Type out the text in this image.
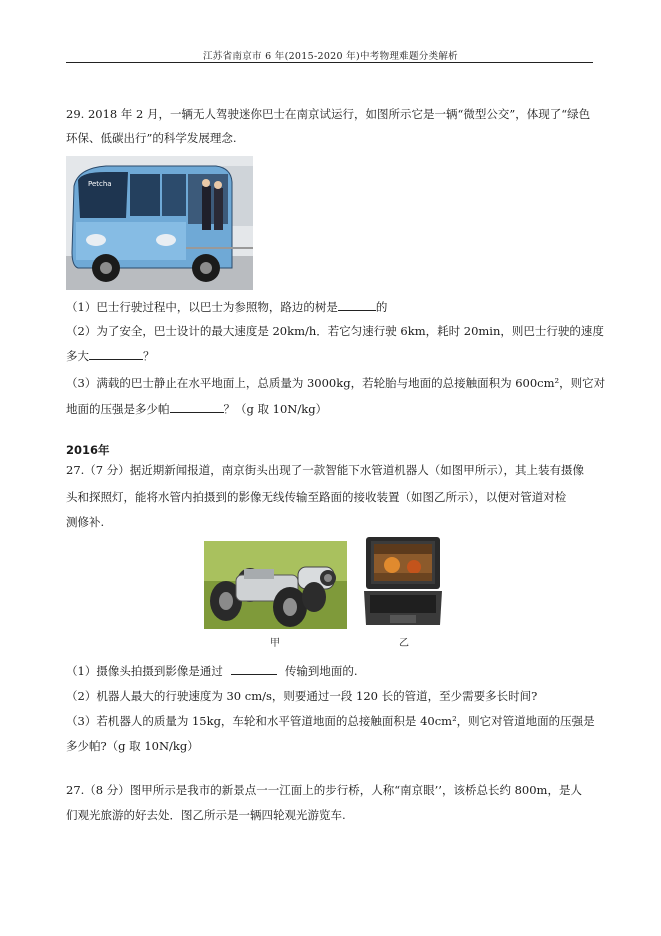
江苏省南京市 6 年(2015-2020 年)中考物理难题分类解析
29. 2018 年 2 月，一辆无人驾驶迷你巴士在南京试运行，如图所示它是一辆“微型公交”，体现了“绿色
环保、低碳出行”的科学发展理念.
Petcha
（1）巴士行驶过程中，以巴士为参照物，路边的树是	的
（2）为了安全，巴士设计的最大速度是 20km/h．若它匀速行驶 6km，耗时 20min，则巴士行驶的速度
多大	？
（3）满载的巴士静止在水平地面上，总质量为 3000kg，若轮胎与地面的总接触面积为 600cm²，则它对
地面的压强是多少帕	？（g 取 10N/kg）
2016年
27.（7 分）据近期新闻报道，南京街头出现了一款智能下水管道机器人（如图甲所示），其上装有摄像
头和探照灯，能将水管内拍摄到的影像无线传输至路面的接收装置（如图乙所示），以便对管道对检
测修补.
甲	乙
（1）摄像头拍摄到影像是通过	传输到地面的.
（2）机器人最大的行驶速度为 30 cm/s，则要通过一段 120 长的管道，至少需要多长时间?
（3）若机器人的质量为 15kg，车轮和水平管道地面的总接触面积是 40cm²，则它对管道地面的压强是
多少帕?（g 取 10N/kg）
27.（8 分）图甲所示是我市的新景点一一江面上的步行桥，人称“南京眼’’，该桥总长约 800m，是人
们观光旅游的好去处．图乙所示是一辆四轮观光游览车.
